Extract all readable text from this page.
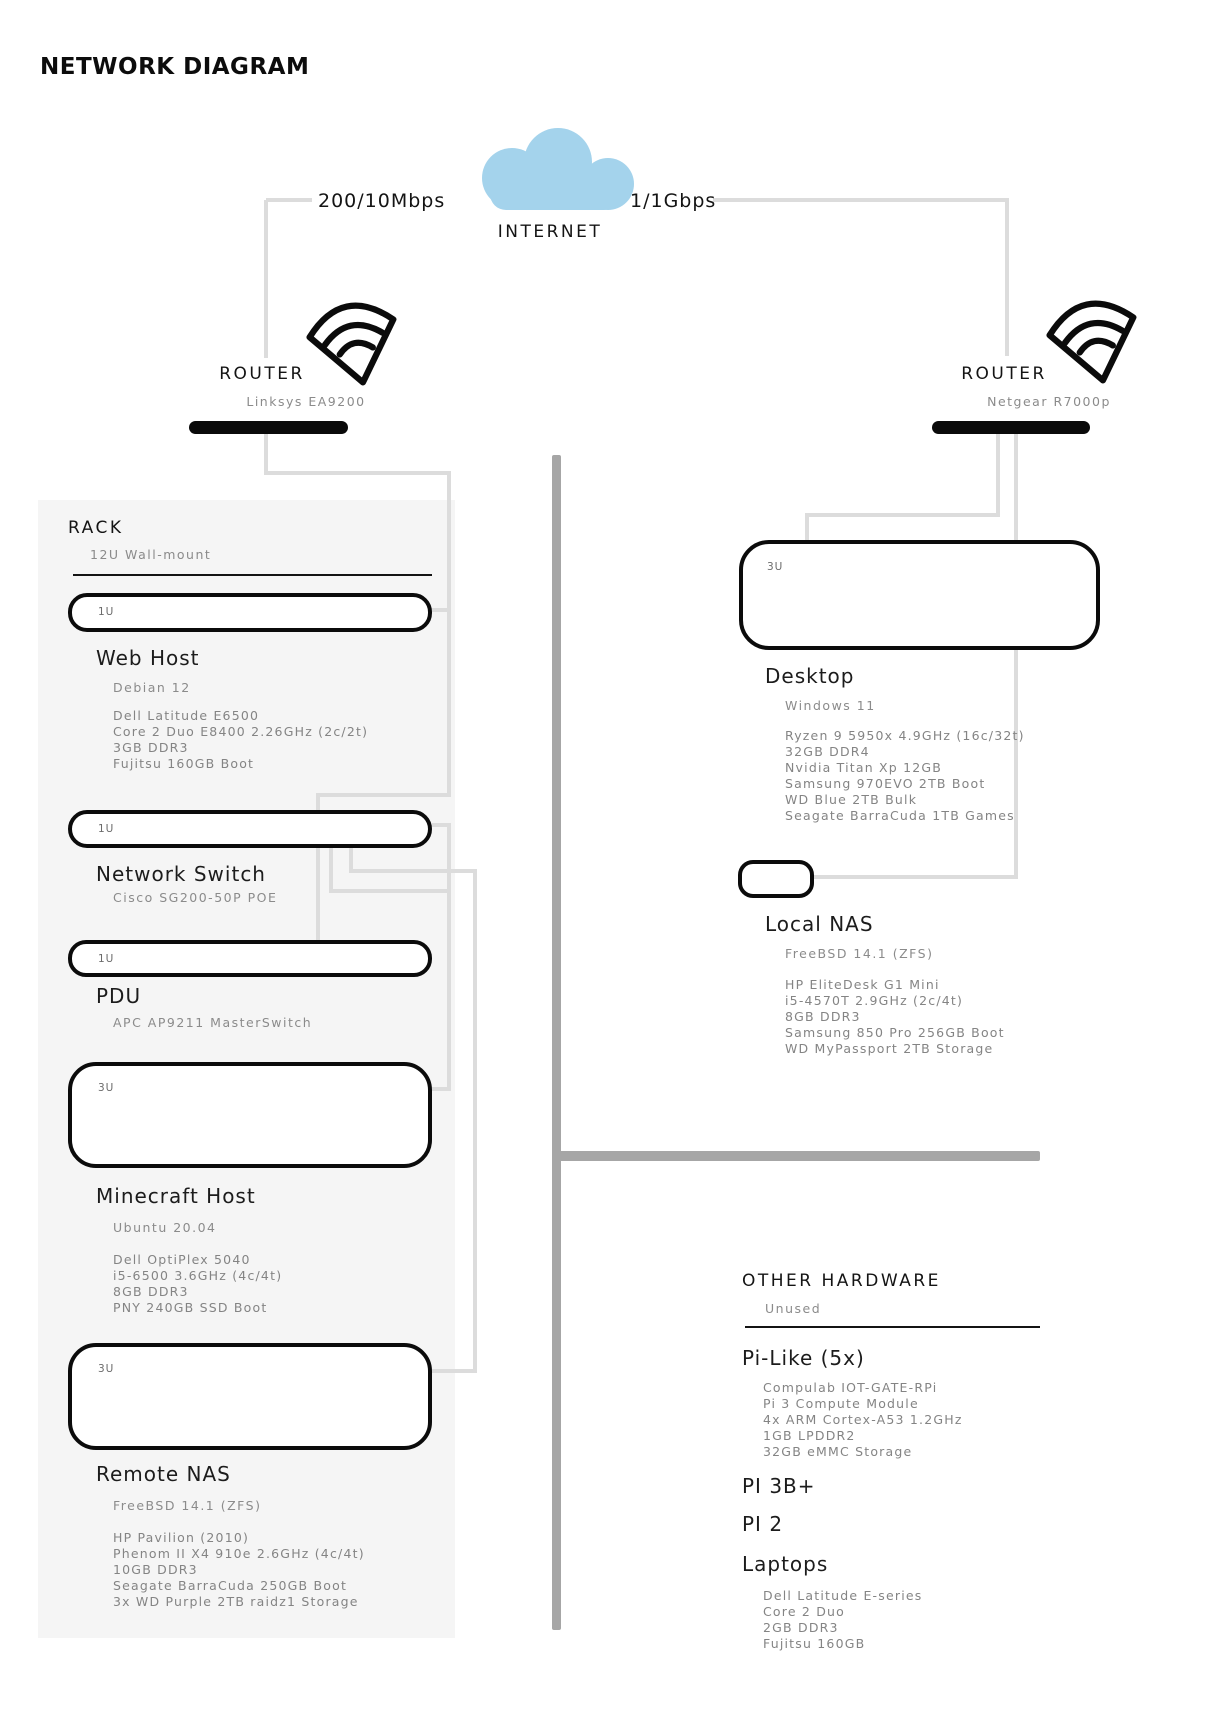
NETWORK DIAGRAM
INTERNET
200/10Mbps	1/1Gbps
ROUTER
Linksys EA9200
ROUTER
Netgear R7000p
RACK
12U Wall-mount
1U
Web Host
Debian 12
Dell Latitude E6500
Core 2 Duo E8400 2.26GHz (2c/2t)
3GB DDR3
Fujitsu 160GB Boot
1U
Network Switch
Cisco SG200-50P POE
1U
PDU
APC AP9211 MasterSwitch
3U
Minecraft Host
Ubuntu 20.04
Dell OptiPlex 5040
i5-6500 3.6GHz (4c/4t)
8GB DDR3
PNY 240GB SSD Boot
3U
Remote NAS
FreeBSD 14.1 (ZFS)
HP Pavilion (2010)
Phenom II X4 910e 2.6GHz (4c/4t)
10GB DDR3
Seagate BarraCuda 250GB Boot
3x WD Purple 2TB raidz1 Storage
3U
Desktop
Windows 11
Ryzen 9 5950x 4.9GHz (16c/32t)
32GB DDR4
Nvidia Titan Xp 12GB
Samsung 970EVO 2TB Boot
WD Blue 2TB Bulk
Seagate BarraCuda 1TB Games
Local NAS
FreeBSD 14.1 (ZFS)
HP EliteDesk G1 Mini
i5-4570T 2.9GHz (2c/4t)
8GB DDR3
Samsung 850 Pro 256GB Boot
WD MyPassport 2TB Storage
OTHER HARDWARE
Unused
Pi-Like (5x)
Compulab IOT-GATE-RPi
Pi 3 Compute Module
4x ARM Cortex-A53 1.2GHz
1GB LPDDR2
32GB eMMC Storage
PI 3B+
PI 2
Laptops
Dell Latitude E-series
Core 2 Duo
2GB DDR3
Fujitsu 160GB
